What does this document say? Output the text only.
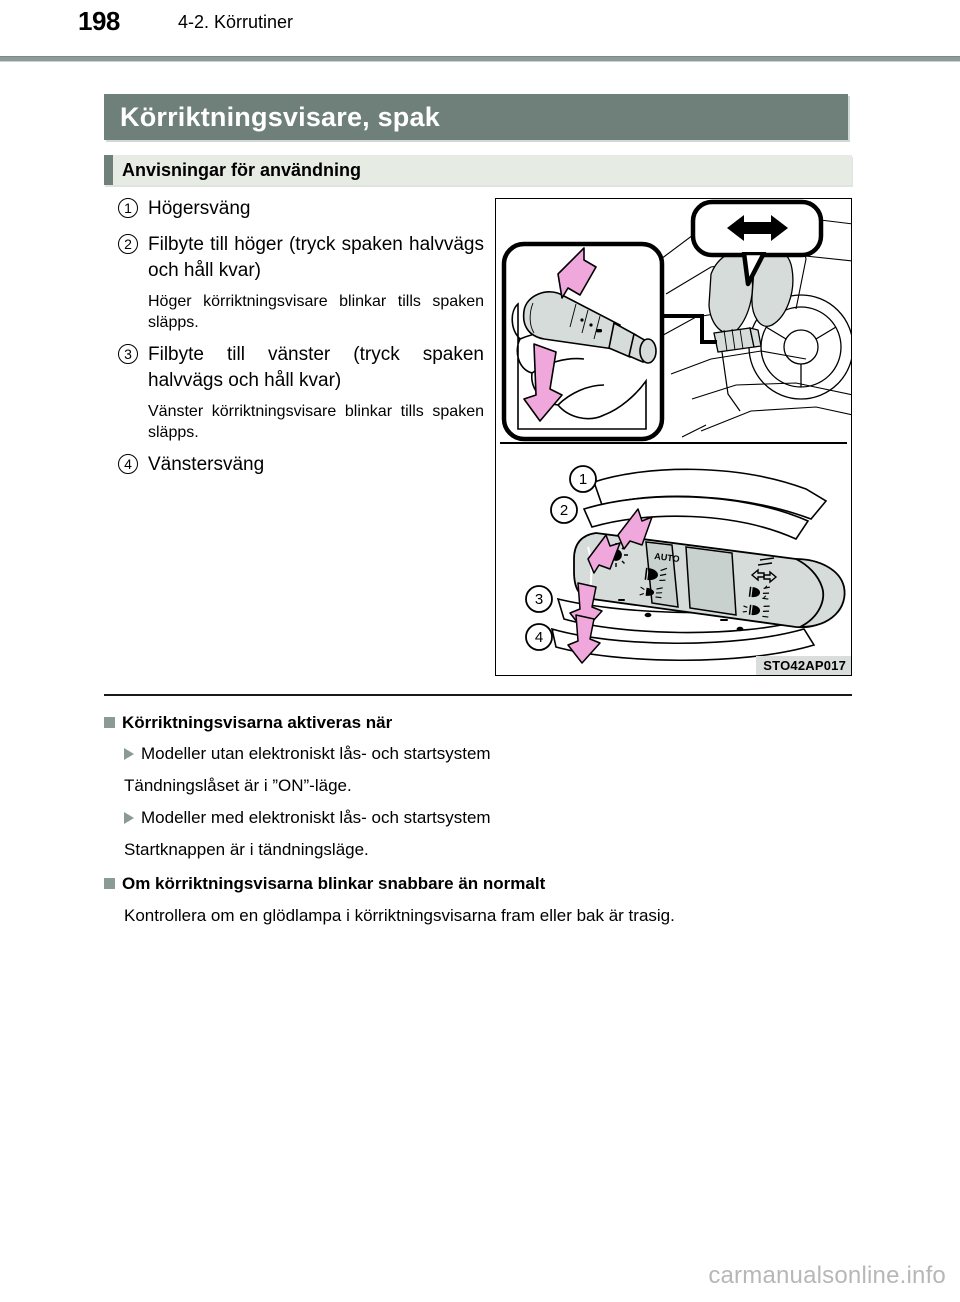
198	4-2. Körrutiner
Körriktningsvisare, spak
Anvisningar för användning
1 Högersväng
2 Filbyte till höger (tryck spaken halvvägs och håll kvar)
Höger körriktningsvisare blinkar tills spaken släpps.
3 Filbyte till vänster (tryck spaken halvvägs och håll kvar)
Vänster körriktningsvisare blinkar tills spaken släpps.
4 Vänstersväng
AUTO
1
2
3
4
STO42AP017
Körriktningsvisarna aktiveras när
Modeller utan elektroniskt lås- och startsystem
Tändningslåset är i ”ON”-läge.
Modeller med elektroniskt lås- och startsystem
Startknappen är i tändningsläge.
Om körriktningsvisarna blinkar snabbare än normalt
Kontrollera om en glödlampa i körriktningsvisarna fram eller bak är trasig.
carmanualsonline.info
